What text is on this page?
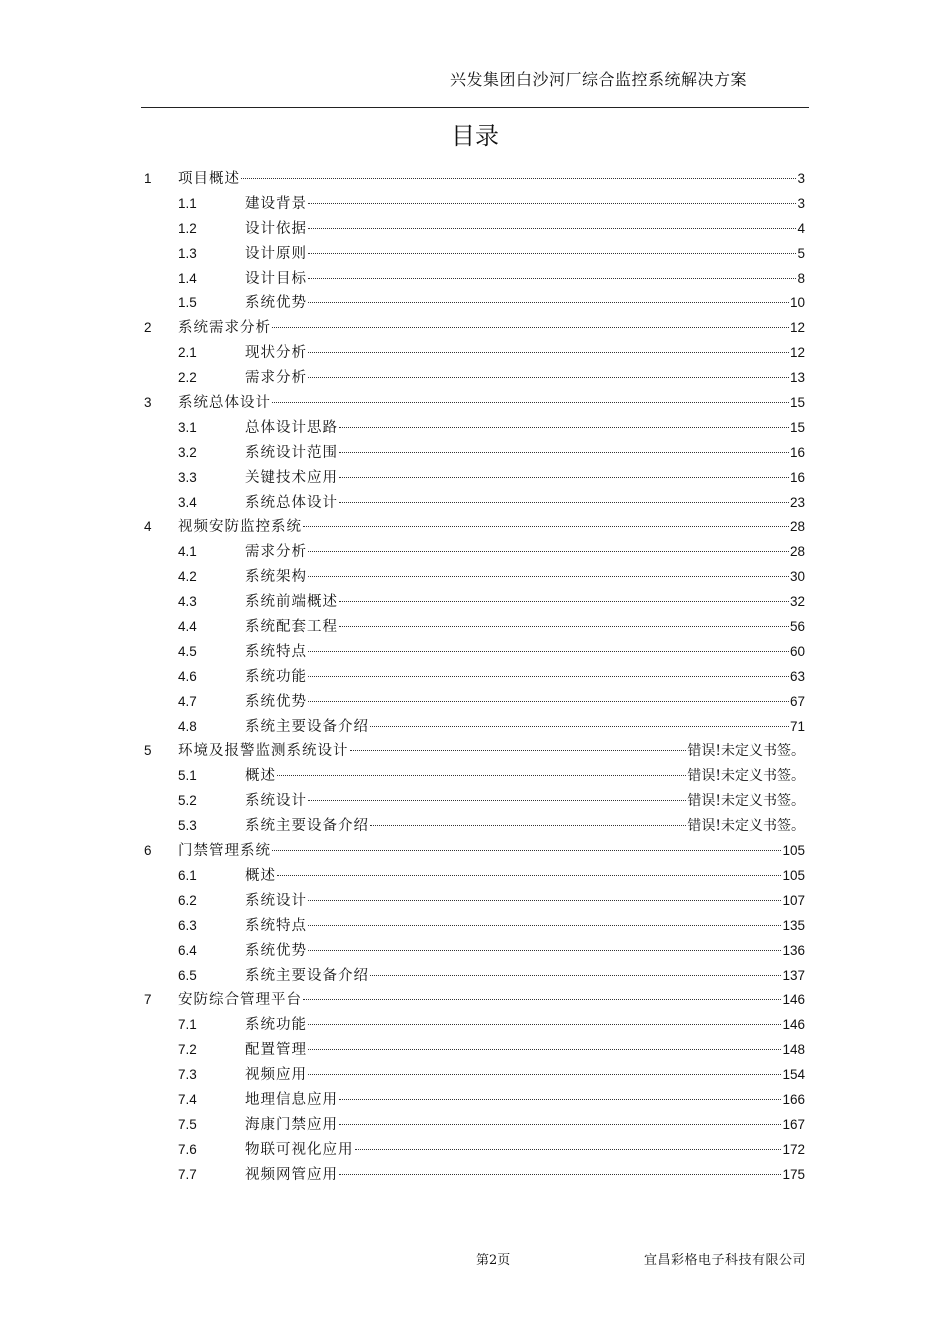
兴发集团白沙河厂综合监控系统解决方案
目录
1 项目概述	3
1.1	建设背景	3
1.2	设计依据	4
1.3	设计原则	5
1.4	设计目标	8
1.5	系统优势	10
2 系统需求分析	12
2.1	现状分析	12
2.2	需求分析	13
3 系统总体设计	15
3.1	总体设计思路	15
3.2	系统设计范围	16
3.3	关键技术应用	16
3.4	系统总体设计	23
4 视频安防监控系统	28
4.1	需求分析	28
4.2	系统架构	30
4.3	系统前端概述	32
4.4	系统配套工程	56
4.5	系统特点	60
4.6	系统功能	63
4.7	系统优势	67
4.8	系统主要设备介绍	71
5 环境及报警监测系统设计	错误!未定义书签。
5.1	概述	错误!未定义书签。
5.2	系统设计	错误!未定义书签。
5.3	系统主要设备介绍	错误!未定义书签。
6 门禁管理系统	105
6.1	概述	105
6.2	系统设计	107
6.3	系统特点	135
6.4	系统优势	136
6.5	系统主要设备介绍	137
7 安防综合管理平台	146
7.1	系统功能	146
7.2	配置管理	148
7.3	视频应用	154
7.4	地理信息应用	166
7.5	海康门禁应用	167
7.6	物联可视化应用	172
7.7	视频网管应用	175
第2页	宜昌彩格电子科技有限公司
